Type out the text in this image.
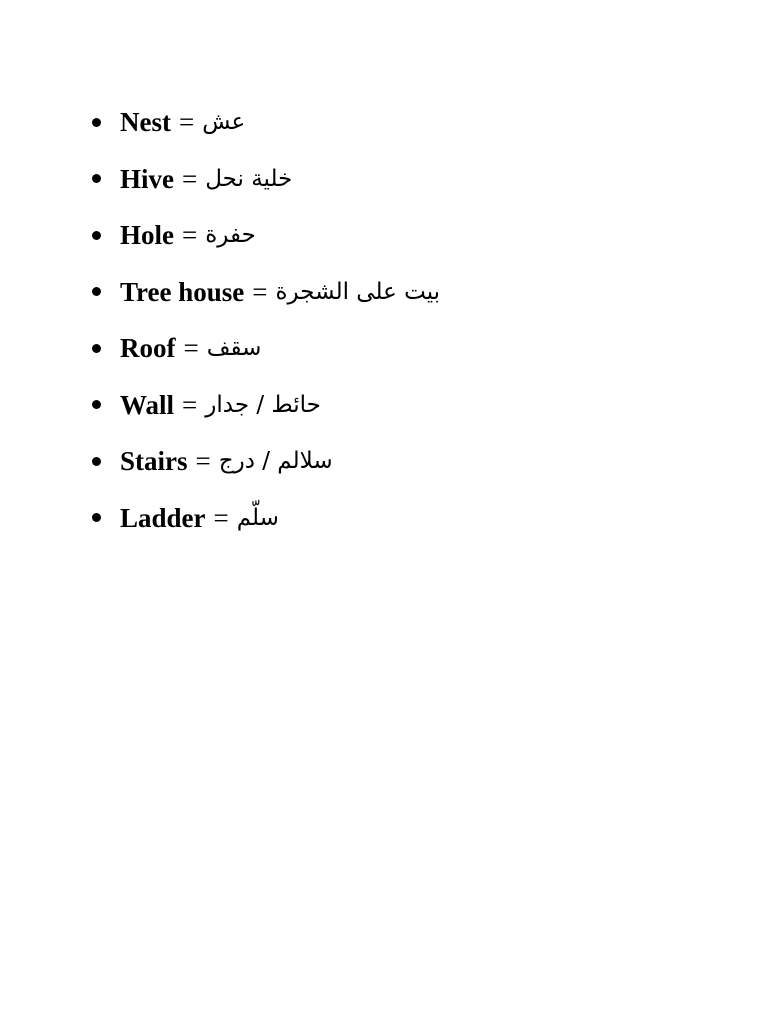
Nest = عش
Hive = خلية نحل
Hole = حفرة
Tree house = بيت على الشجرة
Roof = سقف
Wall = حائط / جدار
Stairs = سلالم / درج
Ladder = سلّم
